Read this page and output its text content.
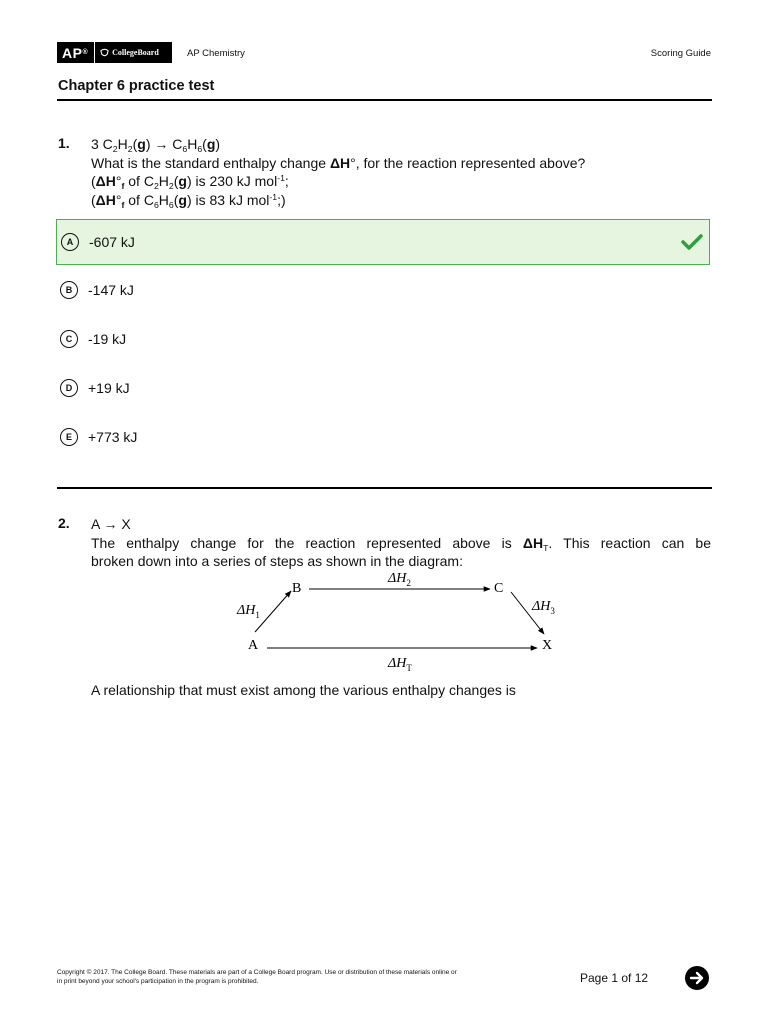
AP®	CollegeBoard	AP Chemistry	Scoring Guide
Chapter 6 practice test
1. 3 $C_2H_2(g) \to C_6H_6(g)$
What is the standard enthalpy change ΔH°, for the reaction represented above?
($\Delta H^\circ_f$ of $C_2H_2(g)$ is 230 kJ mol$^{-1}$;
($\Delta H^\circ_f$ of $C_6H_6(g)$ is 83 kJ mol$^{-1}$;)
A	-607 kJ
B	-147 kJ
C	-19 kJ
D	+19 kJ
E	+773 kJ
2. A → X
The enthalpy change for the reaction represented above is $\Delta H_T$. This reaction can be
broken down into a series of steps as shown in the diagram:
B	C
A	X
$\Delta H_1$
$\Delta H_2$
$\Delta H_3$
$\Delta H_T$
A relationship that must exist among the various enthalpy changes is
Copyright © 2017. The College Board. These materials are part of a College Board program. Use or distribution of these materials online or
in print beyond your school's participation in the program is prohibited.	Page 1 of 12
